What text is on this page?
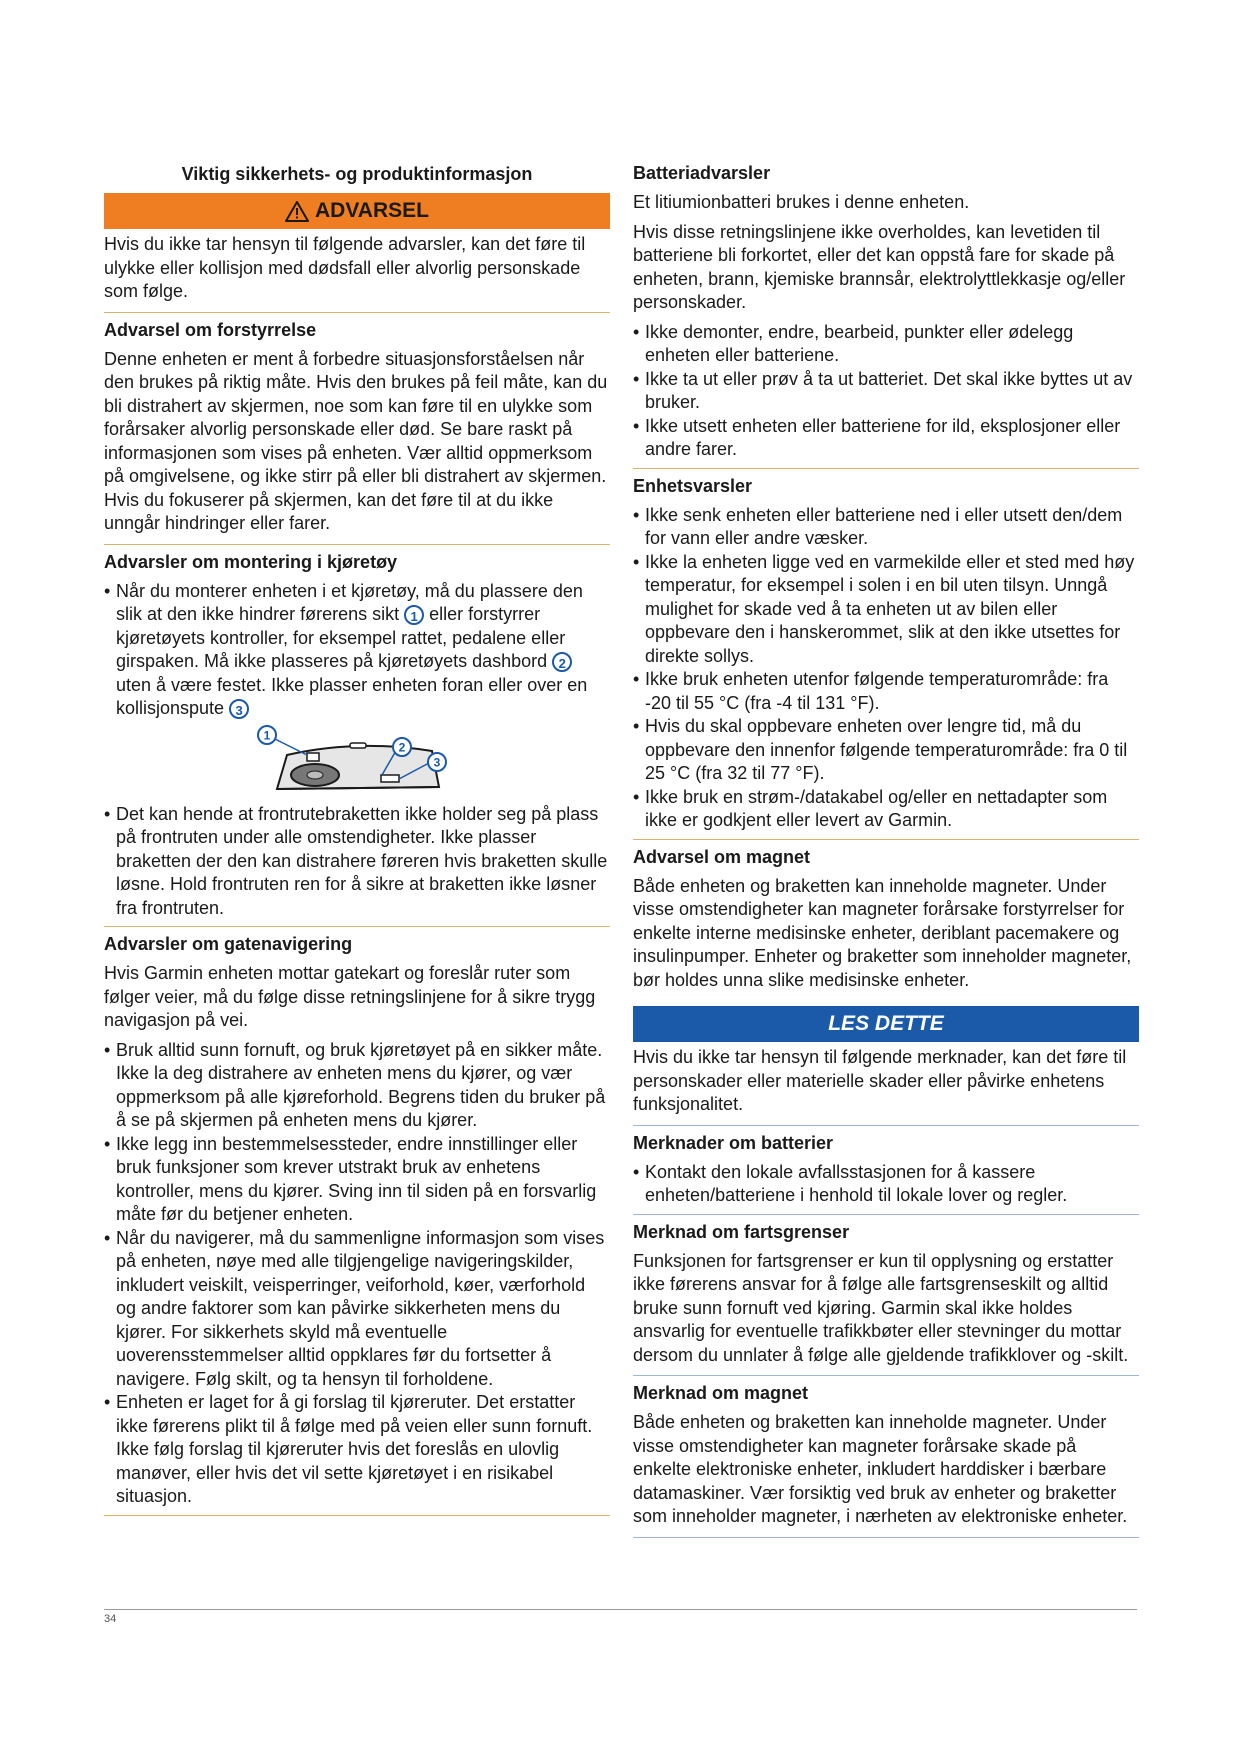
Viktig sikkerhets- og produktinformasjon
ADVARSEL

Hvis du ikke tar hensyn til følgende advarsler, kan det føre til ulykke eller kollisjon med dødsfall eller alvorlig personskade som følge.

Advarsel om forstyrrelse

Denne enheten er ment å forbedre situasjonsforståelsen når den brukes på riktig måte. Hvis den brukes på feil måte, kan du bli distrahert av skjermen, noe som kan føre til en ulykke som forårsaker alvorlig personskade eller død. Se bare raskt på informasjonen som vises på enheten. Vær alltid oppmerksom på omgivelsene, og ikke stirr på eller bli distrahert av skjermen. Hvis du fokuserer på skjermen, kan det føre til at du ikke unngår hindringer eller farer.

Advarsler om montering i kjøretøy
• Når du monterer enheten i et kjøretøy, må du plassere den slik at den ikke hindrer førerens sikt 1 eller forstyrrer kjøretøyets kontroller, for eksempel rattet, pedalene eller girspaken. Må ikke plasseres på kjøretøyets dashbord 2 uten å være festet. Ikke plasser enheten foran eller over en kollisjonspute 3
1
2
3
• Det kan hende at frontrutebraketten ikke holder seg på plass på frontruten under alle omstendigheter. Ikke plasser braketten der den kan distrahere føreren hvis braketten skulle løsne. Hold frontruten ren for å sikre at braketten ikke løsner fra frontruten.
Advarsler om gatenavigering

Hvis Garmin enheten mottar gatekart og foreslår ruter som følger veier, må du følge disse retningslinjene for å sikre trygg navigasjon på vei.

• Bruk alltid sunn fornuft, og bruk kjøretøyet på en sikker måte. Ikke la deg distrahere av enheten mens du kjører, og vær oppmerksom på alle kjøreforhold. Begrens tiden du bruker på å se på skjermen på enheten mens du kjører.
• Ikke legg inn bestemmelsessteder, endre innstillinger eller bruk funksjoner som krever utstrakt bruk av enhetens kontroller, mens du kjører. Sving inn til siden på en forsvarlig måte før du betjener enheten.
• Når du navigerer, må du sammenligne informasjon som vises på enheten, nøye med alle tilgjengelige navigeringskilder, inkludert veiskilt, veisperringer, veiforhold, køer, værforhold og andre faktorer som kan påvirke sikkerheten mens du kjører. For sikkerhets skyld må eventuelle uoverensstemmelser alltid oppklares før du fortsetter å navigere. Følg skilt, og ta hensyn til forholdene.
• Enheten er laget for å gi forslag til kjøreruter. Det erstatter ikke førerens plikt til å følge med på veien eller sunn fornuft. Ikke følg forslag til kjøreruter hvis det foreslås en ulovlig manøver, eller hvis det vil sette kjøretøyet i en risikabel situasjon.
Batteriadvarsler

Et litiumionbatteri brukes i denne enheten.

Hvis disse retningslinjene ikke overholdes, kan levetiden til batteriene bli forkortet, eller det kan oppstå fare for skade på enheten, brann, kjemiske brannsår, elektrolyttlekkasje og/eller personskader.

• Ikke demonter, endre, bearbeid, punkter eller ødelegg enheten eller batteriene.
• Ikke ta ut eller prøv å ta ut batteriet. Det skal ikke byttes ut av bruker.
• Ikke utsett enheten eller batteriene for ild, eksplosjoner eller andre farer.
Enhetsvarsler
• Ikke senk enheten eller batteriene ned i eller utsett den/dem for vann eller andre væsker.
• Ikke la enheten ligge ved en varmekilde eller et sted med høy temperatur, for eksempel i solen i en bil uten tilsyn. Unngå mulighet for skade ved å ta enheten ut av bilen eller oppbevare den i hanskerommet, slik at den ikke utsettes for direkte sollys.
• Ikke bruk enheten utenfor følgende temperaturområde: fra -20 til 55 °C (fra -4 til 131 °F).
• Hvis du skal oppbevare enheten over lengre tid, må du oppbevare den innenfor følgende temperaturområde: fra 0 til 25 °C (fra 32 til 77 °F).
• Ikke bruk en strøm-/datakabel og/eller en nettadapter som ikke er godkjent eller levert av Garmin.
Advarsel om magnet

Både enheten og braketten kan inneholde magneter. Under visse omstendigheter kan magneter forårsake forstyrrelser for enkelte interne medisinske enheter, deriblant pacemakere og insulinpumper. Enheter og braketter som inneholder magneter, bør holdes unna slike medisinske enheter.

LES DETTE

Hvis du ikke tar hensyn til følgende merknader, kan det føre til personskader eller materielle skader eller påvirke enhetens funksjonalitet.

Merknader om batterier
• Kontakt den lokale avfallsstasjonen for å kassere enheten/batteriene i henhold til lokale lover og regler.
Merknad om fartsgrenser

Funksjonen for fartsgrenser er kun til opplysning og erstatter ikke førerens ansvar for å følge alle fartsgrenseskilt og alltid bruke sunn fornuft ved kjøring. Garmin skal ikke holdes ansvarlig for eventuelle trafikkbøter eller stevninger du mottar dersom du unnlater å følge alle gjeldende trafikklover og -skilt.

Merknad om magnet

Både enheten og braketten kan inneholde magneter. Under visse omstendigheter kan magneter forårsake skade på enkelte elektroniske enheter, inkludert harddisker i bærbare datamaskiner. Vær forsiktig ved bruk av enheter og braketter som inneholder magneter, i nærheten av elektroniske enheter.

34
